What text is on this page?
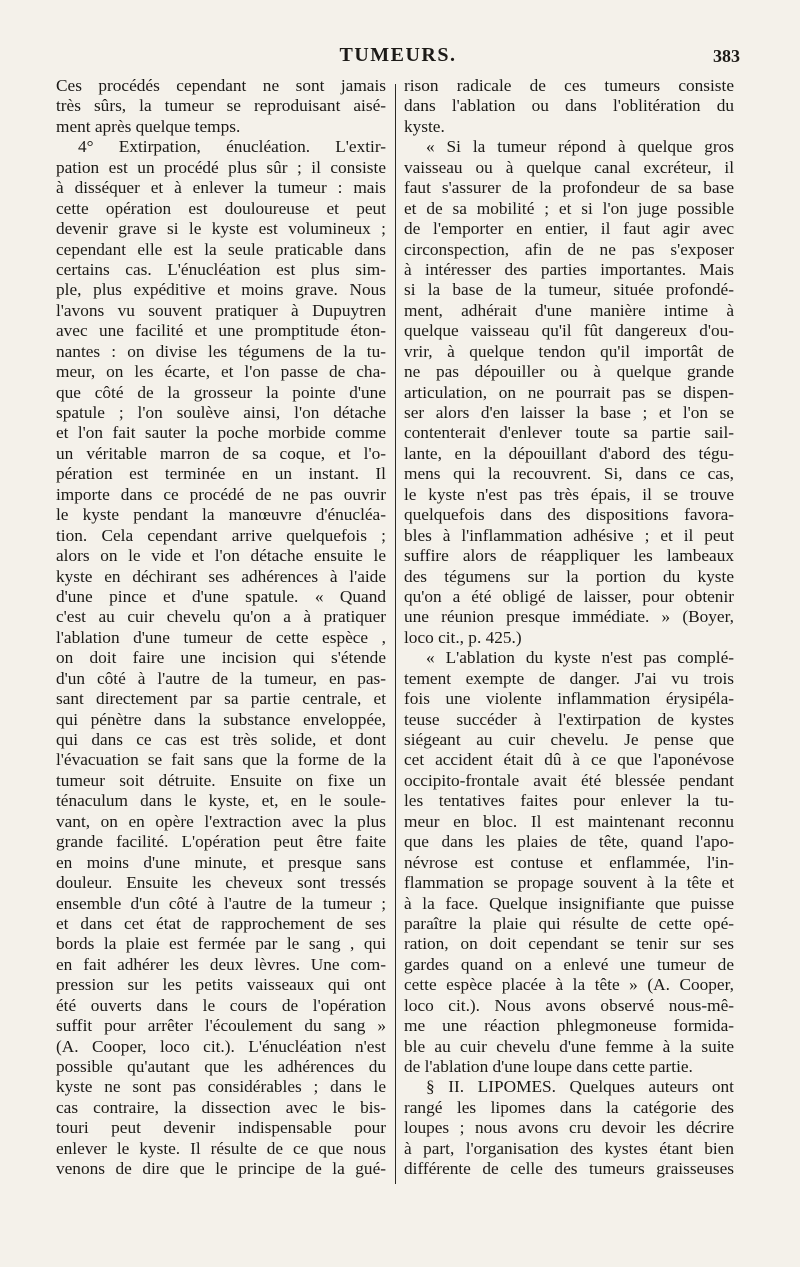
TUMEURS.	383
Ces procédés cependant ne sont jamais
très sûrs, la tumeur se reproduisant aisé-
ment après quelque temps.
4° Extirpation, énucléation. L'extir-
pation est un procédé plus sûr ; il consiste
à disséquer et à enlever la tumeur : mais
cette opération est douloureuse et peut
devenir grave si le kyste est volumineux ;
cependant elle est la seule praticable dans
certains cas. L'énucléation est plus sim-
ple, plus expéditive et moins grave. Nous
l'avons vu souvent pratiquer à Dupuytren
avec une facilité et une promptitude éton-
nantes : on divise les tégumens de la tu-
meur, on les écarte, et l'on passe de cha-
que côté de la grosseur la pointe d'une
spatule ; l'on soulève ainsi, l'on détache
et l'on fait sauter la poche morbide comme
un véritable marron de sa coque, et l'o-
pération est terminée en un instant. Il
importe dans ce procédé de ne pas ouvrir
le kyste pendant la manœuvre d'énucléa-
tion. Cela cependant arrive quelquefois ;
alors on le vide et l'on détache ensuite le
kyste en déchirant ses adhérences à l'aide
d'une pince et d'une spatule. « Quand
c'est au cuir chevelu qu'on a à pratiquer
l'ablation d'une tumeur de cette espèce ,
on doit faire une incision qui s'étende
d'un côté à l'autre de la tumeur, en pas-
sant directement par sa partie centrale, et
qui pénètre dans la substance enveloppée,
qui dans ce cas est très solide, et dont
l'évacuation se fait sans que la forme de la
tumeur soit détruite. Ensuite on fixe un
ténaculum dans le kyste, et, en le soule-
vant, on en opère l'extraction avec la plus
grande facilité. L'opération peut être faite
en moins d'une minute, et presque sans
douleur. Ensuite les cheveux sont tressés
ensemble d'un côté à l'autre de la tumeur ;
et dans cet état de rapprochement de ses
bords la plaie est fermée par le sang , qui
en fait adhérer les deux lèvres. Une com-
pression sur les petits vaisseaux qui ont
été ouverts dans le cours de l'opération
suffit pour arrêter l'écoulement du sang »
(A. Cooper, loco cit.). L'énucléation n'est
possible qu'autant que les adhérences du
kyste ne sont pas considérables ; dans le
cas contraire, la dissection avec le bis-
touri peut devenir indispensable pour
enlever le kyste. Il résulte de ce que nous
venons de dire que le principe de la gué-
rison radicale de ces tumeurs consiste
dans l'ablation ou dans l'oblitération du
kyste.
« Si la tumeur répond à quelque gros
vaisseau ou à quelque canal excréteur, il
faut s'assurer de la profondeur de sa base
et de sa mobilité ; et si l'on juge possible
de l'emporter en entier, il faut agir avec
circonspection, afin de ne pas s'exposer
à intéresser des parties importantes. Mais
si la base de la tumeur, située profondé-
ment, adhérait d'une manière intime à
quelque vaisseau qu'il fût dangereux d'ou-
vrir, à quelque tendon qu'il importât de
ne pas dépouiller ou à quelque grande
articulation, on ne pourrait pas se dispen-
ser alors d'en laisser la base ; et l'on se
contenterait d'enlever toute sa partie sail-
lante, en la dépouillant d'abord des tégu-
mens qui la recouvrent. Si, dans ce cas,
le kyste n'est pas très épais, il se trouve
quelquefois dans des dispositions favora-
bles à l'inflammation adhésive ; et il peut
suffire alors de réappliquer les lambeaux
des tégumens sur la portion du kyste
qu'on a été obligé de laisser, pour obtenir
une réunion presque immédiate. » (Boyer,
loco cit., p. 425.)
« L'ablation du kyste n'est pas complé-
tement exempte de danger. J'ai vu trois
fois une violente inflammation érysipéla-
teuse succéder à l'extirpation de kystes
siégeant au cuir chevelu. Je pense que
cet accident était dû à ce que l'aponévose
occipito-frontale avait été blessée pendant
les tentatives faites pour enlever la tu-
meur en bloc. Il est maintenant reconnu
que dans les plaies de tête, quand l'apo-
névrose est contuse et enflammée, l'in-
flammation se propage souvent à la tête et
à la face. Quelque insignifiante que puisse
paraître la plaie qui résulte de cette opé-
ration, on doit cependant se tenir sur ses
gardes quand on a enlevé une tumeur de
cette espèce placée à la tête » (A. Cooper,
loco cit.). Nous avons observé nous-mê-
me une réaction phlegmoneuse formida-
ble au cuir chevelu d'une femme à la suite
de l'ablation d'une loupe dans cette partie.
§ II. LIPOMES. Quelques auteurs ont
rangé les lipomes dans la catégorie des
loupes ; nous avons cru devoir les décrire
à part, l'organisation des kystes étant bien
différente de celle des tumeurs graisseuses
